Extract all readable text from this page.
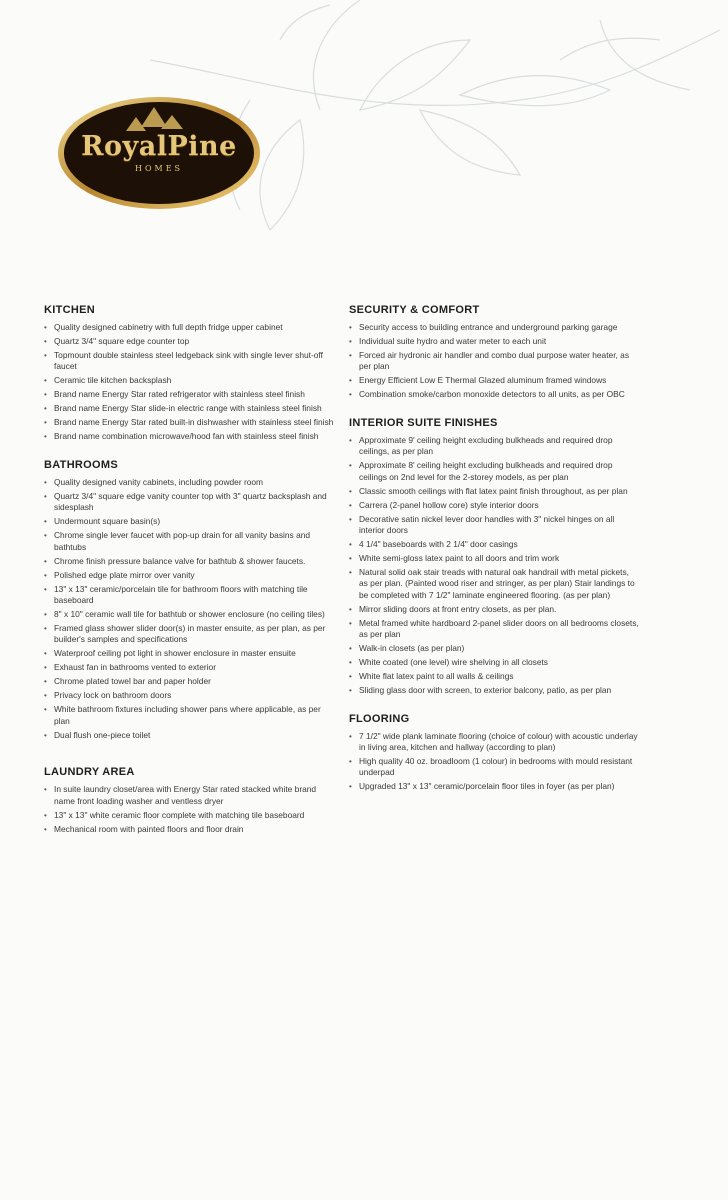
RoyalPine
HOMES
KITCHEN
• Quality designed cabinetry with full depth fridge upper cabinet
• Quartz 3/4" square edge counter top
• Topmount double stainless steel ledgeback sink with single lever shut-off faucet
• Ceramic tile kitchen backsplash
• Brand name Energy Star rated refrigerator with stainless steel finish
• Brand name Energy Star slide-in electric range with stainless steel finish
• Brand name Energy Star rated built-in dishwasher with stainless steel finish
• Brand name combination microwave/hood fan with stainless steel finish
BATHROOMS
• Quality designed vanity cabinets, including powder room
• Quartz 3/4" square edge vanity counter top with 3" quartz backsplash and sidesplash
• Undermount square basin(s)
• Chrome single lever faucet with pop-up drain for all vanity basins and bathtubs
• Chrome finish pressure balance valve for bathtub & shower faucets.
• Polished edge plate mirror over vanity
• 13" x 13" ceramic/porcelain tile for bathroom floors with matching tile baseboard
• 8" x 10" ceramic wall tile for bathtub or shower enclosure (no ceiling tiles)
• Framed glass shower slider door(s) in master ensuite, as per plan, as per builder's samples and specifications
• Waterproof ceiling pot light in shower enclosure in master ensuite
• Exhaust fan in bathrooms vented to exterior
• Chrome plated towel bar and paper holder
• Privacy lock on bathroom doors
• White bathroom fixtures including shower pans where applicable, as per plan
• Dual flush one-piece toilet
LAUNDRY AREA
• In suite laundry closet/area with Energy Star rated stacked white brand name front loading washer and ventless dryer
• 13" x 13" white ceramic floor complete with matching tile baseboard
• Mechanical room with painted floors and floor drain
SECURITY & COMFORT
• Security access to building entrance and underground parking garage
• Individual suite hydro and water meter to each unit
• Forced air hydronic air handler and combo dual purpose water heater, as per plan
• Energy Efficient Low E Thermal Glazed aluminum framed windows
• Combination smoke/carbon monoxide detectors to all units, as per OBC
INTERIOR SUITE FINISHES
• Approximate 9' ceiling height excluding bulkheads and required drop ceilings, as per plan
• Approximate 8' ceiling height excluding bulkheads and required drop ceilings on 2nd level for the 2-storey models, as per plan
• Classic smooth ceilings with flat latex paint finish throughout, as per plan
• Carrera (2-panel hollow core) style interior doors
• Decorative satin nickel lever door handles with 3" nickel hinges on all interior doors
• 4 1/4" baseboards with 2 1/4" door casings
• White semi-gloss latex paint to all doors and trim work
• Natural solid oak stair treads with natural oak handrail with metal pickets, as per plan. (Painted wood riser and stringer, as per plan) Stair landings to be completed with 7 1/2" laminate engineered flooring. (as per plan)
• Mirror sliding doors at front entry closets, as per plan.
• Metal framed white hardboard 2-panel slider doors on all bedrooms closets, as per plan
• Walk-in closets (as per plan)
• White coated (one level) wire shelving in all closets
• White flat latex paint to all walls & ceilings
• Sliding glass door with screen, to exterior balcony, patio, as per plan
FLOORING
• 7 1/2" wide plank laminate flooring (choice of colour) with acoustic underlay in living area, kitchen and hallway (according to plan)
• High quality 40 oz. broadloom (1 colour) in bedrooms with mould resistant underpad
• Upgraded 13" x 13" ceramic/porcelain floor tiles in foyer (as per plan)
